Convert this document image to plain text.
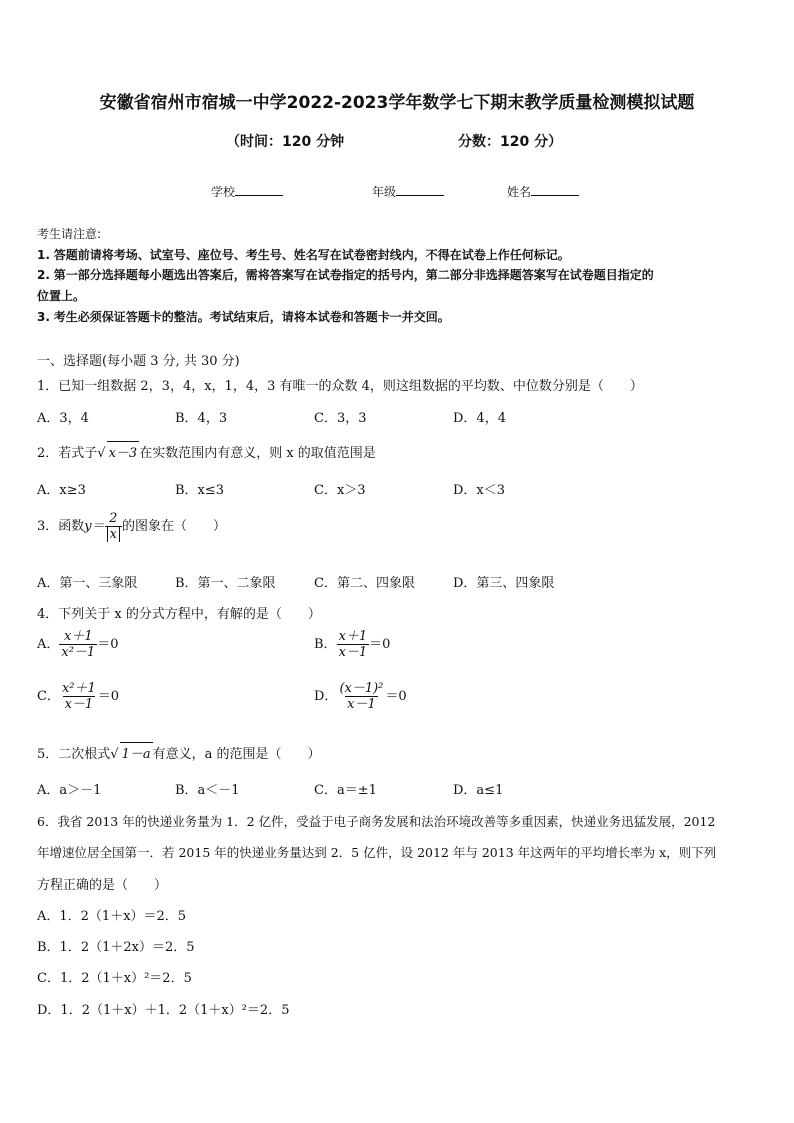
安徽省宿州市宿城一中学2022-2023学年数学七下期末教学质量检测模拟试题
（时间：120 分钟	分数：120 分）
学校	年级	姓名
考生请注意:
1. 答题前请将考场、试室号、座位号、考生号、姓名写在试卷密封线内，不得在试卷上作任何标记。
2. 第一部分选择题每小题选出答案后，需将答案写在试卷指定的括号内，第二部分非选择题答案写在试卷题目指定的
位置上。
3. 考生必须保证答题卡的整洁。考试结束后，请将本试卷和答题卡一并交回。
一、选择题(每小题 3 分, 共 30 分)
1．已知一组数据 2，3，4，x，1，4，3 有唯一的众数 4，则这组数据的平均数、中位数分别是（　　）
A．3，4	B．4，3	C．3，3	D．4，4
2．若式子√ x－3 在实数范围内有意义，则 x 的取值范围是
A．x≥3	B．x≤3	C．x＞3	D．x＜3
3．函数$y= \frac{2}{x}$ 的图象在（　　）
A．第一、三象限	B．第一、二象限	C．第二、四象限	D．第三、四象限
4．下列关于 x 的分式方程中，有解的是（　　）
A． $\frac{x+1}{\text{x²－1}} =0$	B． $\frac{x+1}{x-1} =0$
C． $\frac{\text{x²＋1}}{x-1} =0$	D． $\frac{\text{(x－1)²}}{x-1} =0$
5．二次根式√ 1－a 有意义，a 的范围是（　　）
A．a＞－1	B．a＜－1	C．a＝±1	D．a≤1
6．我省 2013 年的快递业务量为 1．2 亿件，受益于电子商务发展和法治环境改善等多重因素，快递业务迅猛发展，2012
年增速位居全国第一．若 2015 年的快递业务量达到 2．5 亿件，设 2012 年与 2013 年这两年的平均增长率为 x，则下列
方程正确的是（　　）
A．1．2（1＋x）＝2．5
B．1．2（1＋2x）＝2．5
C．1．2（1＋x）²＝2．5
D．1．2（1＋x）＋1．2（1＋x）²＝2．5
